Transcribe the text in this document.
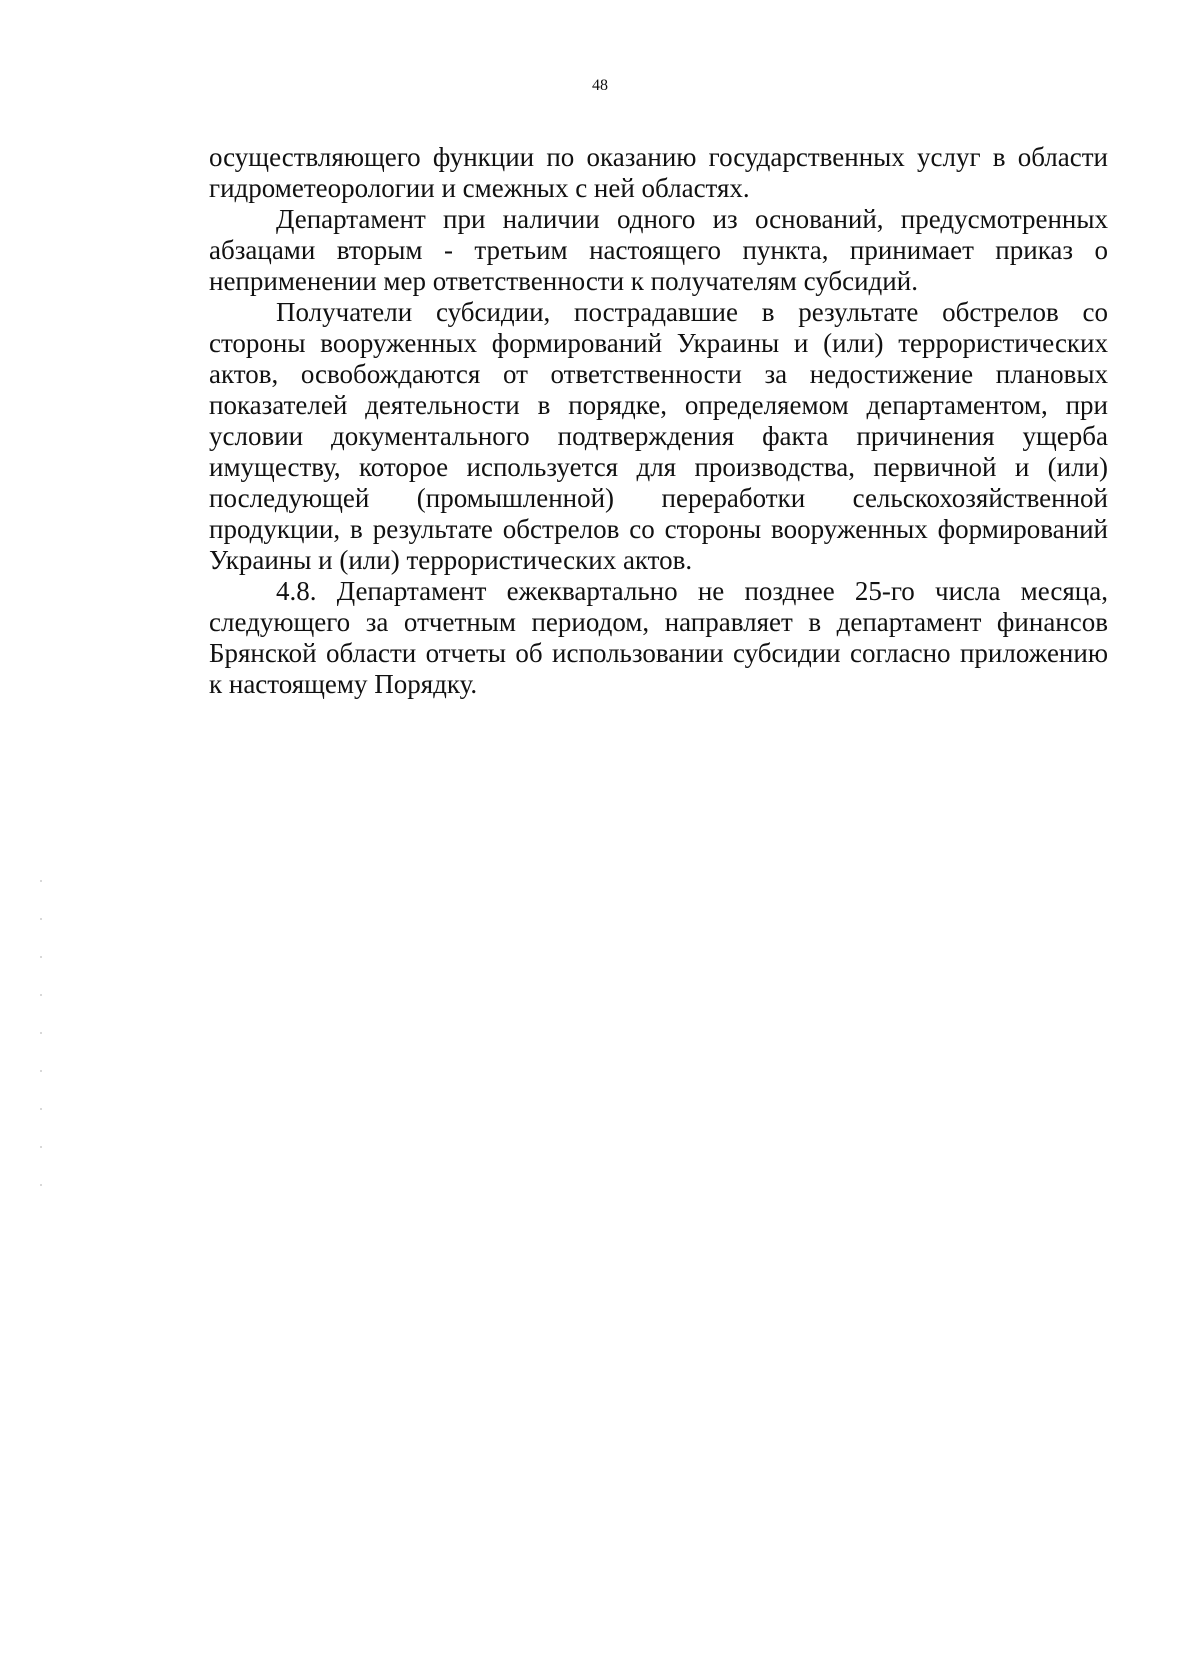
48

осуществляющего функции по оказанию государственных услуг в области гидрометеорологии и смежных с ней областях.

Департамент при наличии одного из оснований, предусмотренных абзацами вторым - третьим настоящего пункта, принимает приказ о неприменении мер ответственности к получателям субсидий.

Получатели субсидии, пострадавшие в результате обстрелов со стороны вооруженных формирований Украины и (или) террористических актов, освобождаются от ответственности за недостижение плановых показателей деятельности в порядке, определяемом департаментом, при условии документального подтверждения факта причинения ущерба имуществу, которое используется для производства, первичной и (или) последующей (промышленной) переработки сельскохозяйственной продукции, в результате обстрелов со стороны вооруженных формирований Украины и (или) террористических актов.

4.8. Департамент ежеквартально не позднее 25-го числа месяца, следующего за отчетным периодом, направляет в департамент финансов Брянской области отчеты об использовании субсидии согласно приложению к настоящему Порядку.
